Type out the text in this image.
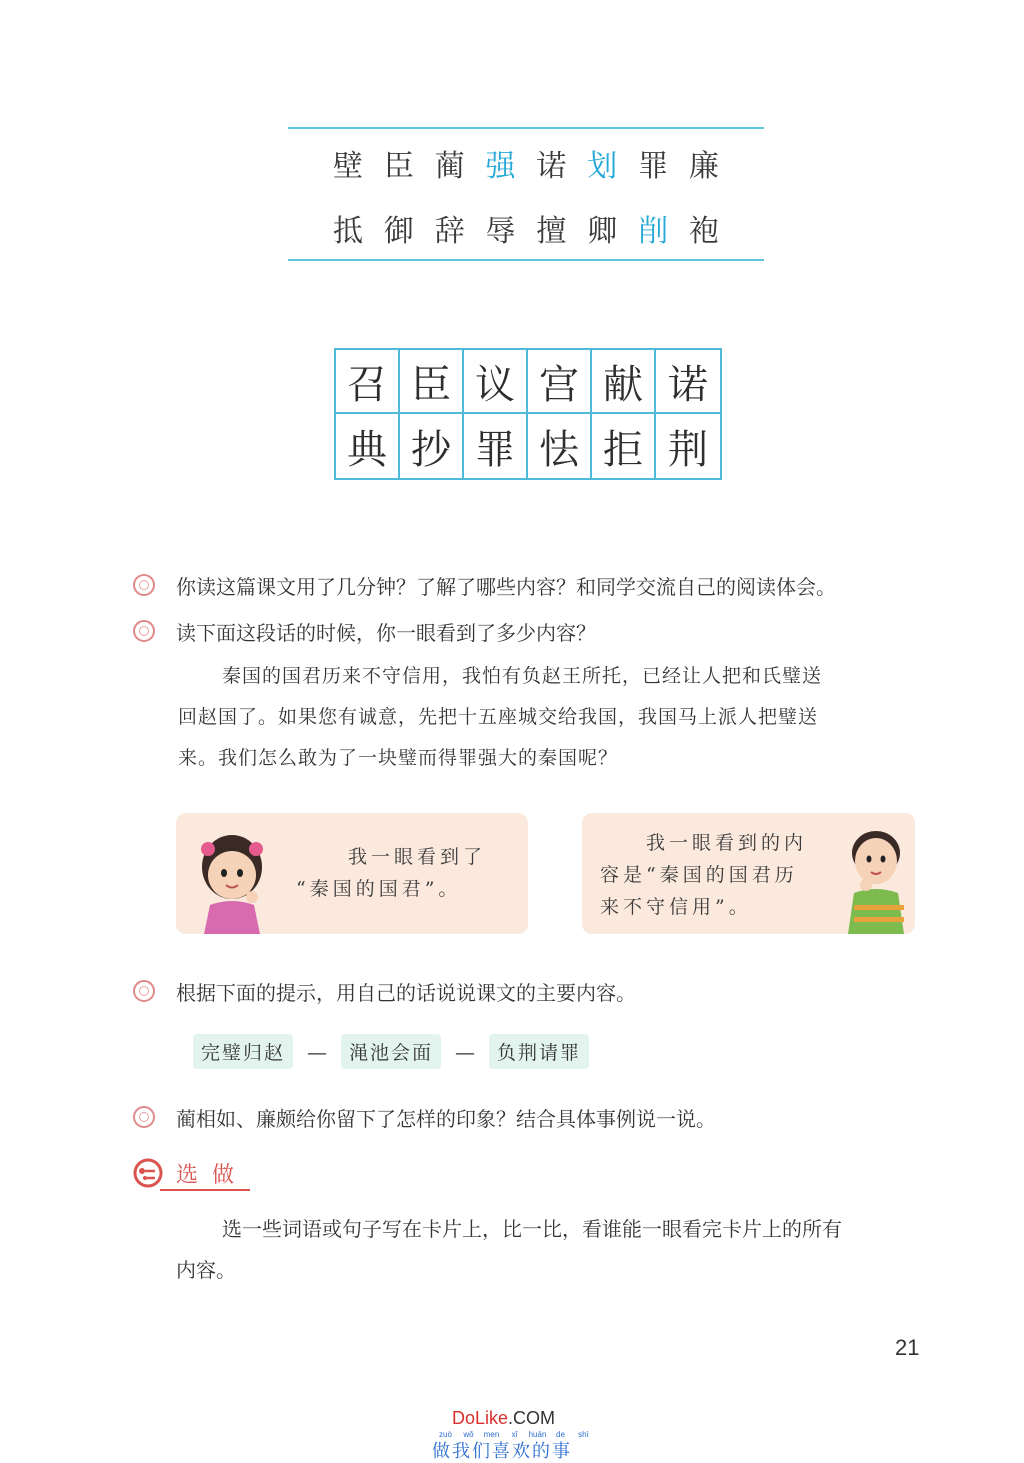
壁 臣 蔺 强 诺 划 罪 廉
抵 御 辞 辱 擅 卿 削 袍
召 臣 议 宫 献 诺
典 抄 罪 怯 拒 荆
你读这篇课文用了几分钟？了解了哪些内容？和同学交流自己的阅读体会。
读下面这段话的时候，你一眼看到了多少内容？
秦国的国君历来不守信用，我怕有负赵王所托，已经让人把和氏璧送
回赵国了。如果您有诚意，先把十五座城交给我国，我国马上派人把璧送
来。我们怎么敢为了一块璧而得罪强大的秦国呢？
我一眼看到了
“秦国的国君”。
我一眼看到的内
容是“秦国的国君历
来不守信用”。
根据下面的提示，用自己的话说说课文的主要内容。
完璧归赵	—	渑池会面	—	负荆请罪
蔺相如、廉颇给你留下了怎样的印象？结合具体事例说一说。
选做
选一些词语或句子写在卡片上，比一比，看谁能一眼看完卡片上的所有
内容。
21
DoLike.COM
zuò	wǒ	men	xǐ	huān	de	shì
做我们喜欢的事
